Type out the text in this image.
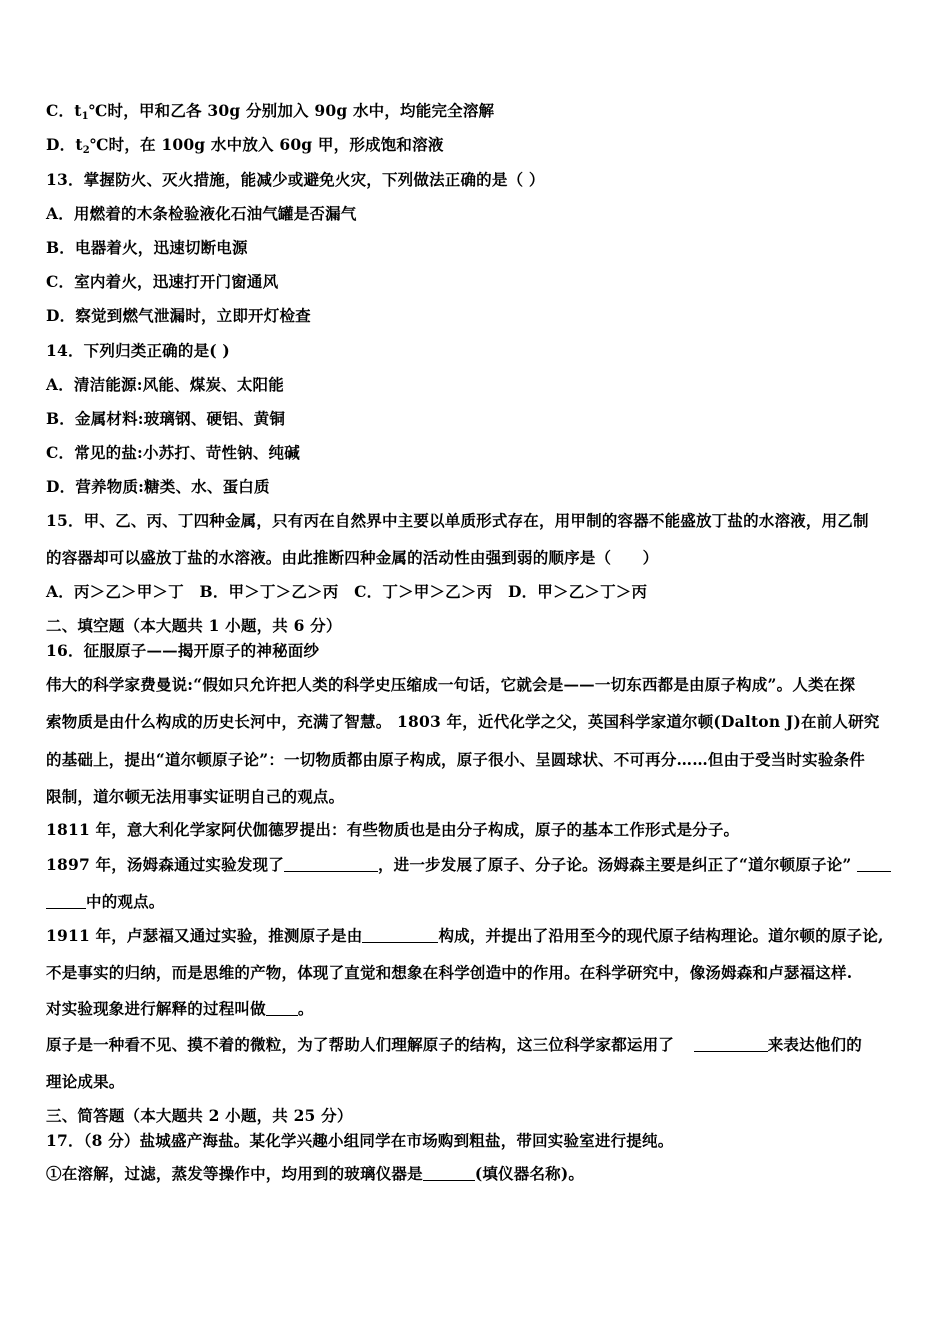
C．$t_1℃$时，甲和乙各 30g 分别加入 90g 水中，均能完全溶解
D．$t_2℃$时，在 100g 水中放入 60g 甲，形成饱和溶液
13．掌握防火、灭火措施，能减少或避免火灾，下列做法正确的是（ ）
A．用燃着的木条检验液化石油气罐是否漏气
B．电器着火，迅速切断电源
C．室内着火，迅速打开门窗通风
D．察觉到燃气泄漏时，立即开灯检查
14．下列归类正确的是( )
A．清洁能源:风能、煤炭、太阳能
B．金属材料:玻璃钢、硬铝、黄铜
C．常见的盐:小苏打、苛性钠、纯碱
D．营养物质:糖类、水、蛋白质
15．甲、乙、丙、丁四种金属，只有丙在自然界中主要以单质形式存在，用甲制的容器不能盛放丁盐的水溶液，用乙制
的容器却可以盛放丁盐的水溶液。由此推断四种金属的活动性由强到弱的顺序是（　　）
A．丙＞乙＞甲＞丁　B．甲＞丁＞乙＞丙　C．丁＞甲＞乙＞丙　D．甲＞乙＞丁＞丙
二、填空题（本大题共 1 小题，共 6 分）
16．征服原子——揭开原子的神秘面纱
伟大的科学家费曼说:“假如只允许把人类的科学史压缩成一句话，它就会是——一切东西都是由原子构成”。人类在探
索物质是由什么构成的历史长河中，充满了智慧。 1803 年，近代化学之父，英国科学家道尔顿(Dalton J)在前人研究
的基础上，提出“道尔顿原子论”：一切物质都由原子构成，原子很小、呈圆球状、不可再分……但由于受当时实验条件
限制，道尔顿无法用事实证明自己的观点。
1811 年，意大利化学家阿伏伽德罗提出：有些物质也是由分子构成，原子的基本工作形式是分子。
1897 年，汤姆森通过实验发现了	，进一步发展了原子、分子论。汤姆森主要是纠正了“道尔顿原子论”
中的观点。
1911 年，卢瑟福又通过实验，推测原子是由	构成，并提出了沿用至今的现代原子结构理论。道尔顿的原子论,
不是事实的归纳，而是思维的产物，体现了直觉和想象在科学创造中的作用。在科学研究中，像汤姆森和卢瑟福这样.
对实验现象进行解释的过程叫做 。
原子是一种看不见、摸不着的微粒，为了帮助人们理解原子的结构，这三位科学家都运用了　	来表达他们的
理论成果。
三、简答题（本大题共 2 小题，共 25 分）
17．（8 分）盐城盛产海盐。某化学兴趣小组同学在市场购到粗盐，带回实验室进行提纯。
①在溶解，过滤，蒸发等操作中，均用到的玻璃仪器是	(填仪器名称)。
